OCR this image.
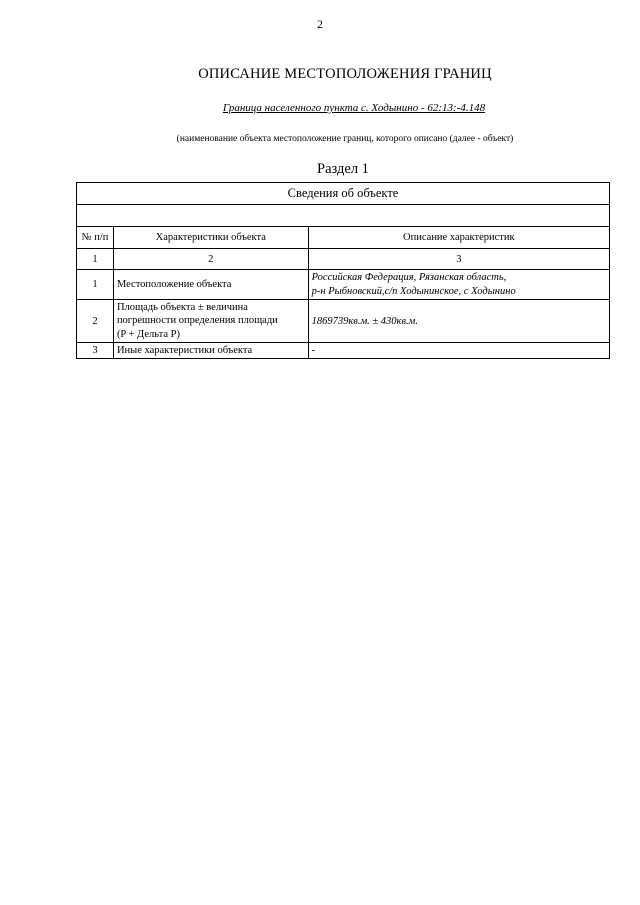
2
ОПИСАНИЕ МЕСТОПОЛОЖЕНИЯ ГРАНИЦ
Граница населенного пункта с. Ходынино - 62:13:-4.148
(наименование объекта местоположение границ, которого описано (далее - объект)
Раздел 1
Сведения об объекте		

№ п/п	Характеристики объекта	Описание характеристик
1	2	3
1	Местоположение объекта	Российская Федерация, Рязанская область,
р-н Рыбновский,с/п Ходынинское, с Ходынино

2	Площадь объекта ± величина
погрешности определения площади
(P + Дельта P)	1869739кв.м. ± 430кв.м.
3	Иные характеристики объекта	-
